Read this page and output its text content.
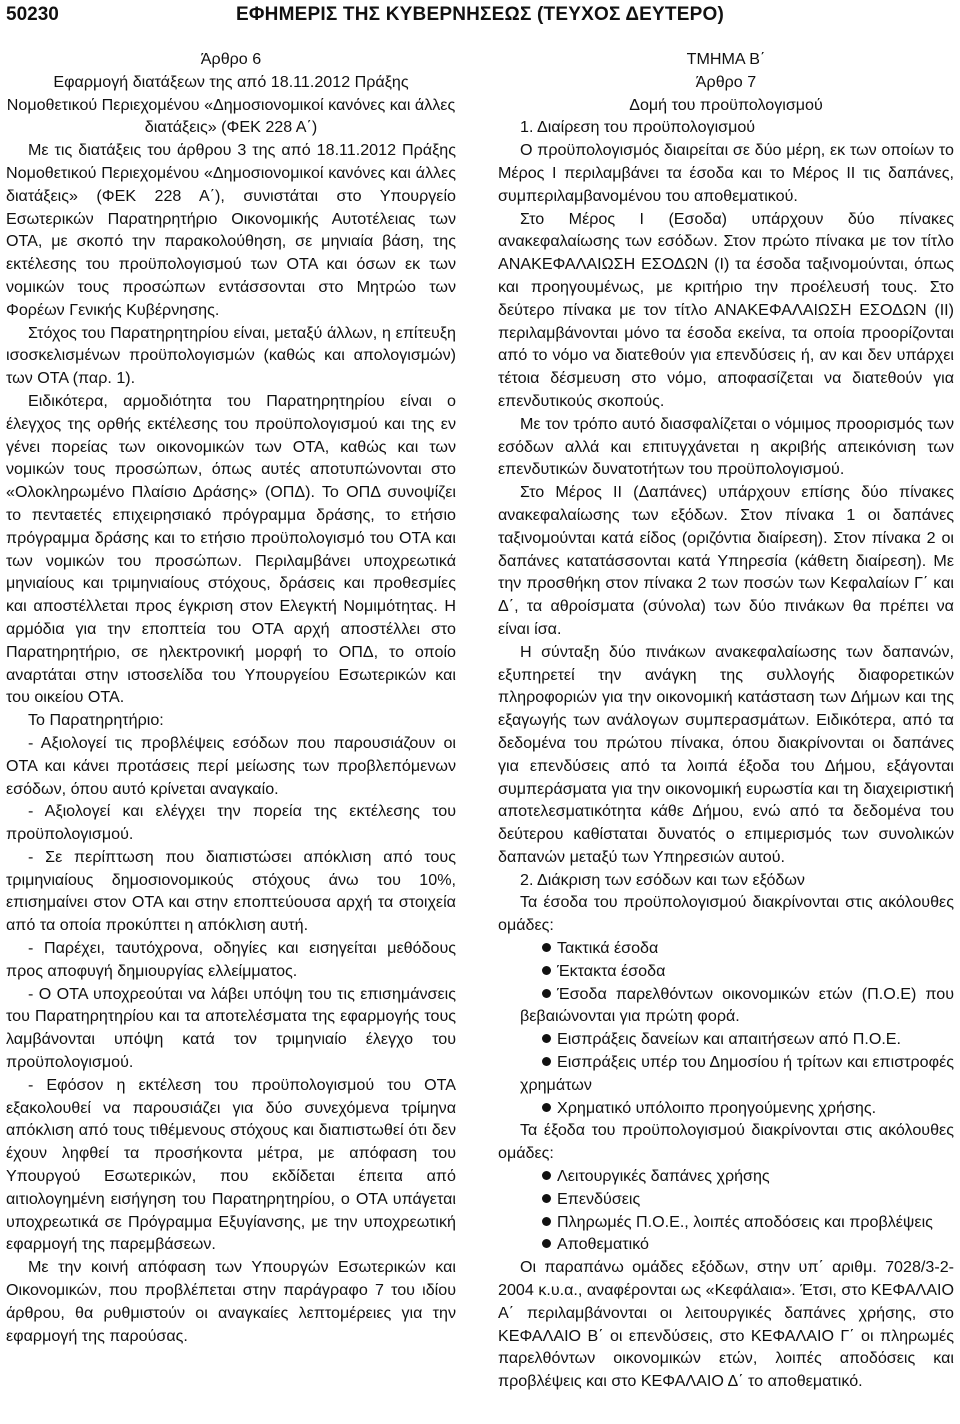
50230	ΕΦΗΜΕΡΙΣ ΤΗΣ ΚΥΒΕΡΝΗΣΕΩΣ (ΤΕΥΧΟΣ ΔΕΥΤΕΡΟ)

Άρθρο 6

Εφαρμογή διατάξεων της από 18.11.2012 Πράξης Νομοθετικού Περιεχομένου «Δημοσιονομικοί κανόνες και άλλες διατάξεις» (ΦΕΚ 228 Α΄)

Με τις διατάξεις του άρθρου 3 της από 18.11.2012 Πράξης Νομοθετικού Περιεχομένου «Δημοσιονομικοί κανόνες και άλλες διατάξεις» (ΦΕΚ 228 Α΄), συνιστάται στο Υπουργείο Εσωτερικών Παρατηρητήριο Οικονομικής Αυτοτέλειας των ΟΤΑ, με σκοπό την παρακολούθηση, σε μηνιαία βάση, της εκτέλεσης του προϋπολογισμού των ΟΤΑ και όσων εκ των νομικών τους προσώπων εντάσσονται στο Μητρώο των Φορέων Γενικής Κυβέρνησης.

Στόχος του Παρατηρητηρίου είναι, μεταξύ άλλων, η επίτευξη ισοσκελισμένων προϋπολογισμών (καθώς και απολογισμών) των ΟΤΑ (παρ. 1).

Ειδικότερα, αρμοδιότητα του Παρατηρητηρίου είναι ο έλεγχος της ορθής εκτέλεσης του προϋπολογισμού και της εν γένει πορείας των οικονομικών των ΟΤΑ, καθώς και των νομικών τους προσώπων, όπως αυτές αποτυπώνονται στο «Ολοκληρωμένο Πλαίσιο Δράσης» (ΟΠΔ). Το ΟΠΔ συνοψίζει το πενταετές επιχειρησιακό πρόγραμμα δράσης, το ετήσιο πρόγραμμα δράσης και το ετήσιο προϋπολογισμό του ΟΤΑ και των νομικών του προσώπων. Περιλαμβάνει υποχρεωτικά μηνιαίους και τριμηνιαίους στόχους, δράσεις και προθεσμίες και αποστέλλεται προς έγκριση στον Ελεγκτή Νομιμότητας. Η αρμόδια για την εποπτεία του ΟΤΑ αρχή αποστέλλει στο Παρατηρητήριο, σε ηλεκτρονική μορφή το ΟΠΔ, το οποίο αναρτάται στην ιστοσελίδα του Υπουργείου Εσωτερικών και του οικείου ΟΤΑ.

Το Παρατηρητήριο:

- Αξιολογεί τις προβλέψεις εσόδων που παρουσιάζουν οι ΟΤΑ και κάνει προτάσεις περί μείωσης των προβλεπόμενων εσόδων, όπου αυτό κρίνεται αναγκαίο.

- Αξιολογεί και ελέγχει την πορεία της εκτέλεσης του προϋπολογισμού.

- Σε περίπτωση που διαπιστώσει απόκλιση από τους τριμηνιαίους δημοσιονομικούς στόχους άνω του 10%, επισημαίνει στον ΟΤΑ και στην εποπτεύουσα αρχή τα στοιχεία από τα οποία προκύπτει η απόκλιση αυτή.

- Παρέχει, ταυτόχρονα, οδηγίες και εισηγείται μεθόδους προς αποφυγή δημιουργίας ελλείμματος.

- Ο ΟΤΑ υποχρεούται να λάβει υπόψη του τις επισημάνσεις του Παρατηρητηρίου και τα αποτελέσματα της εφαρμογής τους λαμβάνονται υπόψη κατά τον τριμηνιαίο έλεγχο του προϋπολογισμού.

- Εφόσον η εκτέλεση του προϋπολογισμού του ΟΤΑ εξακολουθεί να παρουσιάζει για δύο συνεχόμενα τρίμηνα απόκλιση από τους τιθέμενους στόχους και διαπιστωθεί ότι δεν έχουν ληφθεί τα προσήκοντα μέτρα, με απόφαση του Υπουργού Εσωτερικών, που εκδίδεται έπειτα από αιτιολογημένη εισήγηση του Παρατηρητηρίου, ο ΟΤΑ υπάγεται υποχρεωτικά σε Πρόγραμμα Εξυγίανσης, με την υποχρεωτική εφαρμογή της παρεμβάσεων.

Με την κοινή απόφαση των Υπουργών Εσωτερικών και Οικονομικών, που προβλέπεται στην παράγραφο 7 του ιδίου άρθρου, θα ρυθμιστούν οι αναγκαίες λεπτομέρειες για την εφαρμογή της παρούσας.

ΤΜΗΜΑ Β΄

Άρθρο 7

Δομή του προϋπολογισμού

1. Διαίρεση του προϋπολογισμού

Ο προϋπολογισμός διαιρείται σε δύο μέρη, εκ των οποίων το Μέρος Ι περιλαμβάνει τα έσοδα και το Μέρος ΙΙ τις δαπάνες, συμπεριλαμβανομένου του αποθεματικού.

Στο Μέρος Ι (Εσοδα) υπάρχουν δύο πίνακες ανακεφαλαίωσης των εσόδων. Στον πρώτο πίνακα με τον τίτλο ΑΝΑΚΕΦΑΛΑΙΩΣΗ ΕΣΟΔΩΝ (Ι) τα έσοδα ταξινομούνται, όπως και προηγουμένως, με κριτήριο την προέλευσή τους. Στο δεύτερο πίνακα με τον τίτλο ΑΝΑΚΕΦΑΛΑΙΩΣΗ ΕΣΟΔΩΝ (ΙΙ) περιλαμβάνονται μόνο τα έσοδα εκείνα, τα οποία προορίζονται από το νόμο να διατεθούν για επενδύσεις ή, αν και δεν υπάρχει τέτοια δέσμευση στο νόμο, αποφασίζεται να διατεθούν για επενδυτικούς σκοπούς.

Με τον τρόπο αυτό διασφαλίζεται ο νόμιμος προορισμός των εσόδων αλλά και επιτυγχάνεται η ακριβής απεικόνιση των επενδυτικών δυνατοτήτων του προϋπολογισμού.

Στο Μέρος ΙΙ (Δαπάνες) υπάρχουν επίσης δύο πίνακες ανακεφαλαίωσης των εξόδων. Στον πίνακα 1 οι δαπάνες ταξινομούνται κατά είδος (οριζόντια διαίρεση). Στον πίνακα 2 οι δαπάνες κατατάσσονται κατά Υπηρεσία (κάθετη διαίρεση). Με την προσθήκη στον πίνακα 2 των ποσών των Κεφαλαίων Γ΄ και Δ΄, τα αθροίσματα (σύνολα) των δύο πινάκων θα πρέπει να είναι ίσα.

Η σύνταξη δύο πινάκων ανακεφαλαίωσης των δαπανών, εξυπηρετεί την ανάγκη της συλλογής διαφορετικών πληροφοριών για την οικονομική κατάσταση των Δήμων και της εξαγωγής των ανάλογων συμπερασμάτων. Ειδικότερα, από τα δεδομένα του πρώτου πίνακα, όπου διακρίνονται οι δαπάνες για επενδύσεις από τα λοιπά έξοδα του Δήμου, εξάγονται συμπεράσματα για την οικονομική ευρωστία και τη διαχειριστική αποτελεσματικότητα κάθε Δήμου, ενώ από τα δεδομένα του δεύτερου καθίσταται δυνατός ο επιμερισμός των συνολικών δαπανών μεταξύ των Υπηρεσιών αυτού.

2. Διάκριση των εσόδων και των εξόδων

Τα έσοδα του προϋπολογισμού διακρίνονται στις ακόλουθες ομάδες:

Τακτικά έσοδα

Έκτακτα έσοδα

Έσοδα παρελθόντων οικονομικών ετών (Π.Ο.Ε) που βεβαιώνονται για πρώτη φορά.

Εισπράξεις δανείων και απαιτήσεων από Π.Ο.Ε.

Εισπράξεις υπέρ του Δημοσίου ή τρίτων και επιστροφές χρημάτων

Χρηματικό υπόλοιπο προηγούμενης χρήσης.

Τα έξοδα του προϋπολογισμού διακρίνονται στις ακόλουθες ομάδες:

Λειτουργικές δαπάνες χρήσης

Επενδύσεις

Πληρωμές Π.Ο.Ε., λοιπές αποδόσεις και προβλέψεις

Αποθεματικό

Οι παραπάνω ομάδες εξόδων, στην υπ΄ αριθμ. 7028/3-2-2004 κ.υ.α., αναφέρονται ως «Κεφάλαια». Έτσι, στο ΚΕΦΑΛΑΙΟ Α΄ περιλαμβάνονται οι λειτουργικές δαπάνες χρήσης, στο ΚΕΦΑΛΑΙΟ Β΄ οι επενδύσεις, στο ΚΕΦΑΛΑΙΟ Γ΄ οι πληρωμές παρελθόντων οικονομικών ετών, λοιπές αποδόσεις και προβλέψεις και στο ΚΕΦΑΛΑΙΟ Δ΄ το αποθεματικό.
